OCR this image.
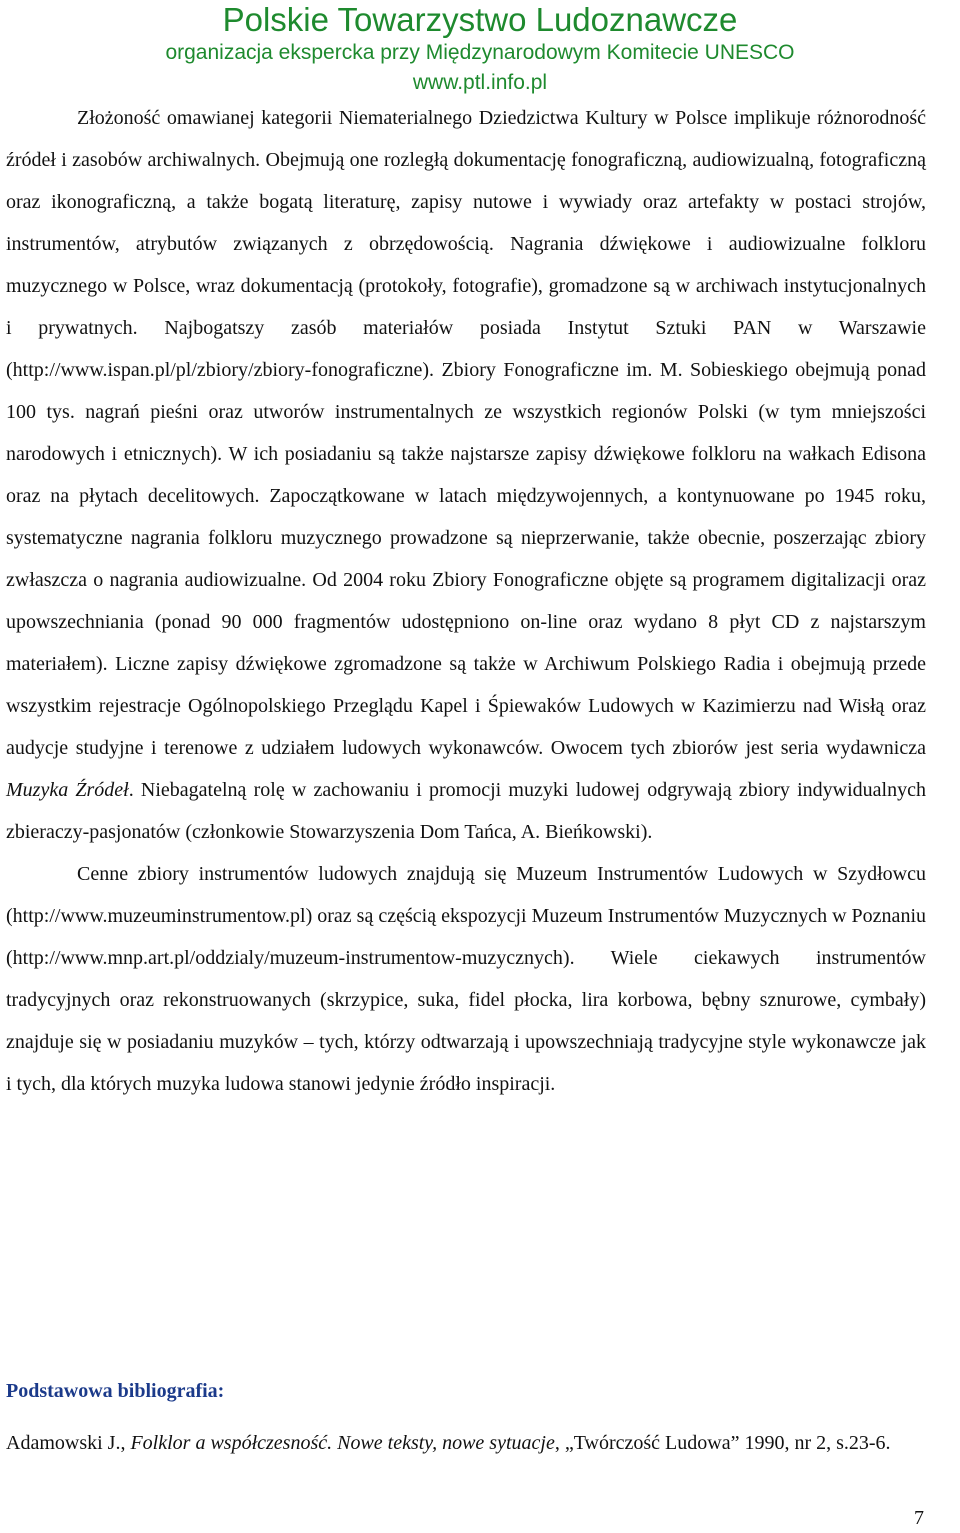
Polskie Towarzystwo Ludoznawcze
organizacja ekspercka przy Międzynarodowym Komitecie UNESCO
www.ptl.info.pl

Złożoność omawianej kategorii Niematerialnego Dziedzictwa Kultury w Polsce implikuje różnorodność źródeł i zasobów archiwalnych. Obejmują one rozległą dokumentację fonograficzną, audiowizualną, fotograficzną oraz ikonograficzną, a także bogatą literaturę, zapisy nutowe i wywiady oraz artefakty w postaci strojów, instrumentów, atrybutów związanych z obrzędowością. Nagrania dźwiękowe i audiowizualne folkloru muzycznego w Polsce, wraz dokumentacją (protokoły, fotografie), gromadzone są w archiwach instytucjonalnych i prywatnych. Najbogatszy zasób materiałów posiada Instytut Sztuki PAN w Warszawie (http://www.ispan.pl/pl/zbiory/zbiory-fonograficzne). Zbiory Fonograficzne im. M. Sobieskiego obejmują ponad 100 tys. nagrań pieśni oraz utworów instrumentalnych ze wszystkich regionów Polski (w tym mniejszości narodowych i etnicznych). W ich posiadaniu są także najstarsze zapisy dźwiękowe folkloru na wałkach Edisona oraz na płytach decelitowych. Zapoczątkowane w latach międzywojennych, a kontynuowane po 1945 roku, systematyczne nagrania folkloru muzycznego prowadzone są nieprzerwanie, także obecnie, poszerzając zbiory zwłaszcza o nagrania audiowizualne. Od 2004 roku Zbiory Fonograficzne objęte są programem digitalizacji oraz upowszechniania (ponad 90 000 fragmentów udostępniono on-line oraz wydano 8 płyt CD z najstarszym materiałem). Liczne zapisy dźwiękowe zgromadzone są także w Archiwum Polskiego Radia i obejmują przede wszystkim rejestracje Ogólnopolskiego Przeglądu Kapel i Śpiewaków Ludowych w Kazimierzu nad Wisłą oraz audycje studyjne i terenowe z udziałem ludowych wykonawców. Owocem tych zbiorów jest seria wydawnicza Muzyka Źródeł. Niebagatelną rolę w zachowaniu i promocji muzyki ludowej odgrywają zbiory indywidualnych zbieraczy-pasjonatów (członkowie Stowarzyszenia Dom Tańca, A. Bieńkowski).

Cenne zbiory instrumentów ludowych znajdują się Muzeum Instrumentów Ludowych w Szydłowcu (http://www.muzeuminstrumentow.pl) oraz są częścią ekspozycji Muzeum Instrumentów Muzycznych w Poznaniu (http://www.mnp.art.pl/oddzialy/muzeum-instrumentow-muzycznych). Wiele ciekawych instrumentów tradycyjnych oraz rekonstruowanych (skrzypice, suka, fidel płocka, lira korbowa, bębny sznurowe, cymbały) znajduje się w posiadaniu muzyków – tych, którzy odtwarzają i upowszechniają tradycyjne style wykonawcze jak i tych, dla których muzyka ludowa stanowi jedynie źródło inspiracji.

Podstawowa bibliografia:
Adamowski J., Folklor a współczesność. Nowe teksty, nowe sytuacje, „Twórczość Ludowa” 1990, nr 2, s.23-6.
7
